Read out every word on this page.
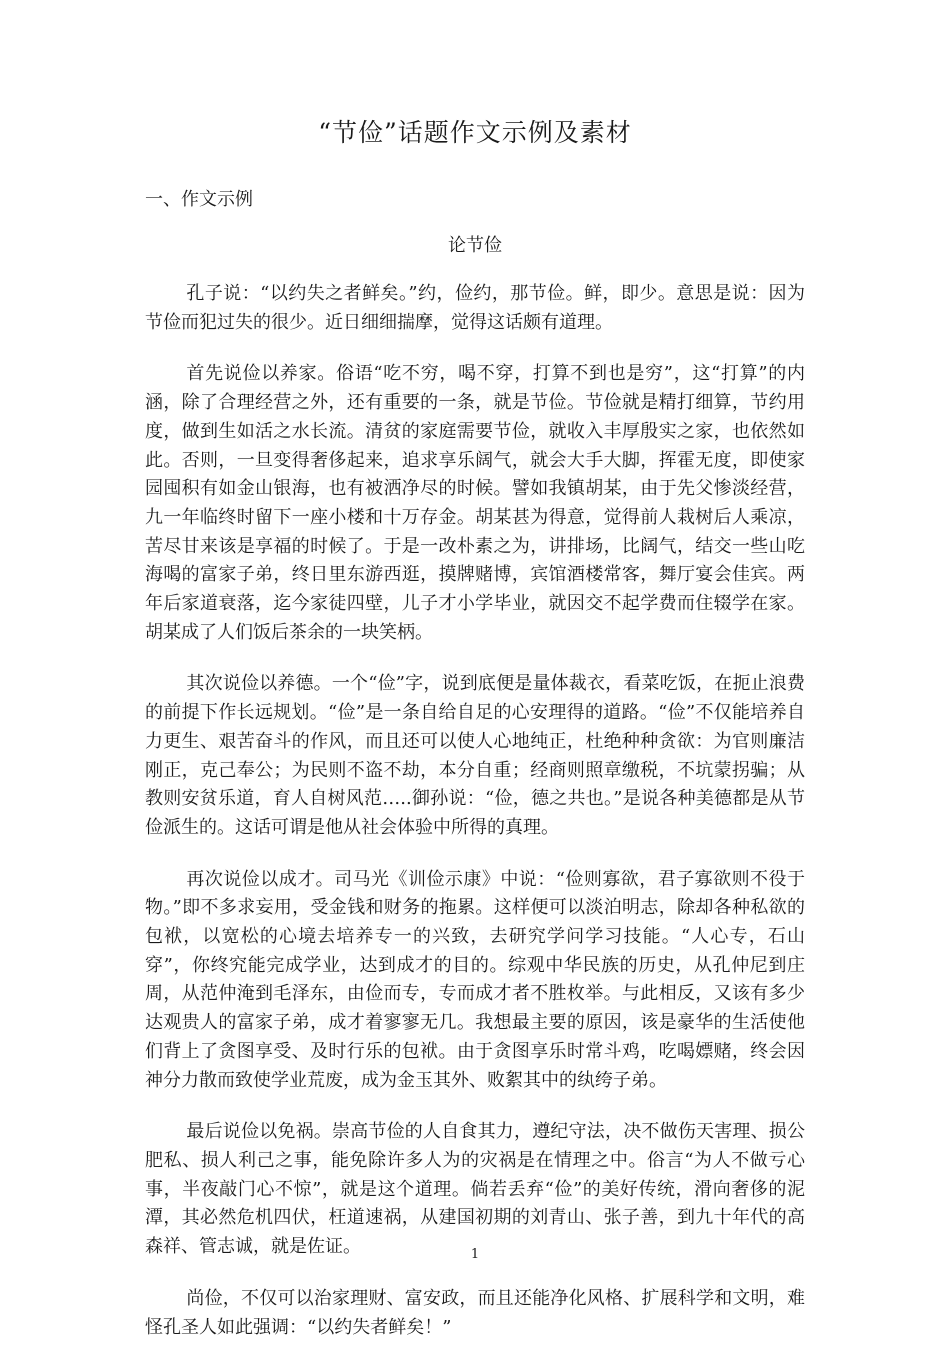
“节俭”话题作文示例及素材
一、作文示例
论节俭

孔子说：“以约失之者鲜矣。”约，俭约，那节俭。鲜，即少。意思是说：因为节俭而犯过失的很少。近日细细揣摩，觉得这话颇有道理。

首先说俭以养家。俗语“吃不穷，喝不穿，打算不到也是穷”，这“打算”的内涵，除了合理经营之外，还有重要的一条，就是节俭。节俭就是精打细算，节约用度，做到生如活之水长流。清贫的家庭需要节俭，就收入丰厚殷实之家，也依然如此。否则，一旦变得奢侈起来，追求享乐阔气，就会大手大脚，挥霍无度，即使家园囤积有如金山银海，也有被洒净尽的时候。譬如我镇胡某，由于先父惨淡经营，九一年临终时留下一座小楼和十万存金。胡某甚为得意，觉得前人栽树后人乘凉，苦尽甘来该是享福的时候了。于是一改朴素之为，讲排场，比阔气，结交一些山吃海喝的富家子弟，终日里东游西逛，摸牌赌博，宾馆酒楼常客，舞厅宴会佳宾。两年后家道衰落，迄今家徒四壁，儿子才小学毕业，就因交不起学费而住辍学在家。胡某成了人们饭后茶余的一块笑柄。

其次说俭以养德。一个“俭”字，说到底便是量体裁衣，看菜吃饭，在扼止浪费的前提下作长远规划。“俭”是一条自给自足的心安理得的道路。“俭”不仅能培养自力更生、艰苦奋斗的作风，而且还可以使人心地纯正，杜绝种种贪欲：为官则廉洁刚正，克己奉公；为民则不盗不劫，本分自重；经商则照章缴税，不坑蒙拐骗；从教则安贫乐道，育人自树风范…..御孙说：“俭，德之共也。”是说各种美德都是从节俭派生的。这话可谓是他从社会体验中所得的真理。

再次说俭以成才。司马光《训俭示康》中说：“俭则寡欲，君子寡欲则不役于物。”即不多求妄用，受金钱和财务的拖累。这样便可以淡泊明志，除却各种私欲的包袱，以宽松的心境去培养专一的兴致，去研究学问学习技能。“人心专，石山穿”，你终究能完成学业，达到成才的目的。综观中华民族的历史，从孔仲尼到庄周，从范仲淹到毛泽东，由俭而专，专而成才者不胜枚举。与此相反，又该有多少达观贵人的富家子弟，成才着寥寥无几。我想最主要的原因，该是豪华的生活使他们背上了贪图享受、及时行乐的包袱。由于贪图享乐时常斗鸡，吃喝嫖赌，终会因神分力散而致使学业荒废，成为金玉其外、败絮其中的纨绔子弟。

最后说俭以免祸。崇高节俭的人自食其力，遵纪守法，决不做伤天害理、损公肥私、损人利己之事，能免除许多人为的灾祸是在情理之中。俗言“为人不做亏心事，半夜敲门心不惊”，就是这个道理。倘若丢弃“俭”的美好传统，滑向奢侈的泥潭，其必然危机四伏，枉道速祸，从建国初期的刘青山、张子善，到九十年代的高森祥、管志诚，就是佐证。

尚俭，不仅可以治家理财、富安政，而且还能净化风格、扩展科学和文明，难怪孔圣人如此强调：“以约失者鲜矣！”

1
